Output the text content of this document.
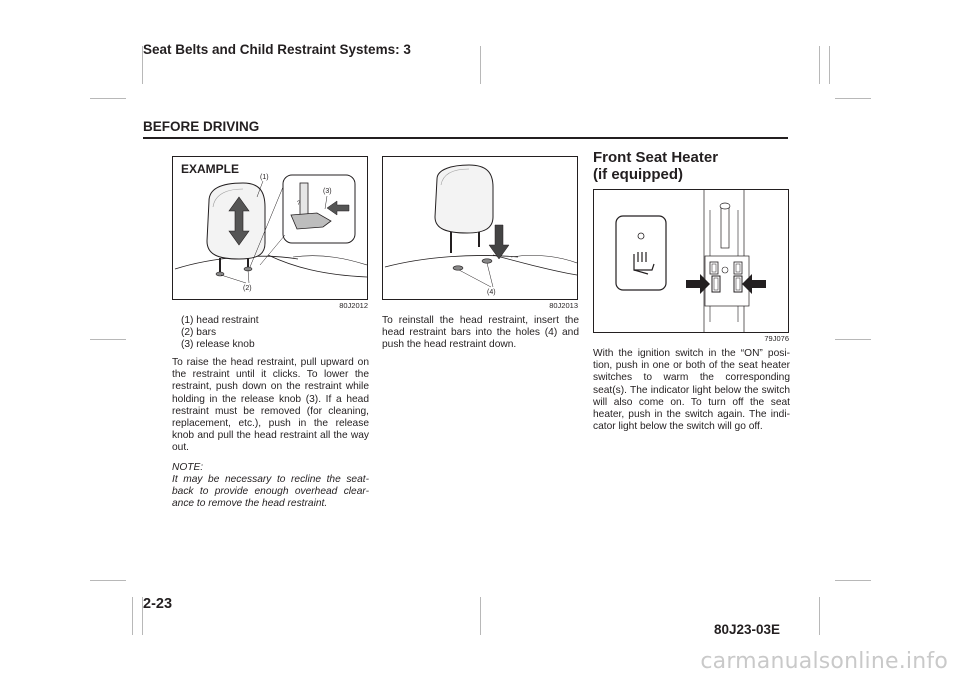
Seat Belts and Child Restraint Systems: 3
BEFORE DRIVING
EXAMPLE
(1)
(2)
?
(3)
80J2012
(1) head restraint
(2) bars
(3) release knob

To raise the head restraint, pull upward on the restraint until it clicks. To lower the restraint, push down on the restraint while holding in the release knob (3). If a head restraint must be removed (for cleaning, replacement, etc.), push in the release knob and pull the head restraint all the way out.

NOTE:
It may be necessary to recline the seat-back to provide enough overhead clear-ance to remove the head restraint.
(4)
80J2013

To reinstall the head restraint, insert the head restraint bars into the holes (4) and push the head restraint down.

Front Seat Heater
(if equipped)
79J076

With the ignition switch in the “ON” posi-tion, push in one or both of the seat heater switches to warm the corresponding seat(s). The indicator light below the switch will also come on. To turn off the seat heater, push in the switch again. The indi-cator light below the switch will go off.

2-23
80J23-03E
carmanualsonline.info
